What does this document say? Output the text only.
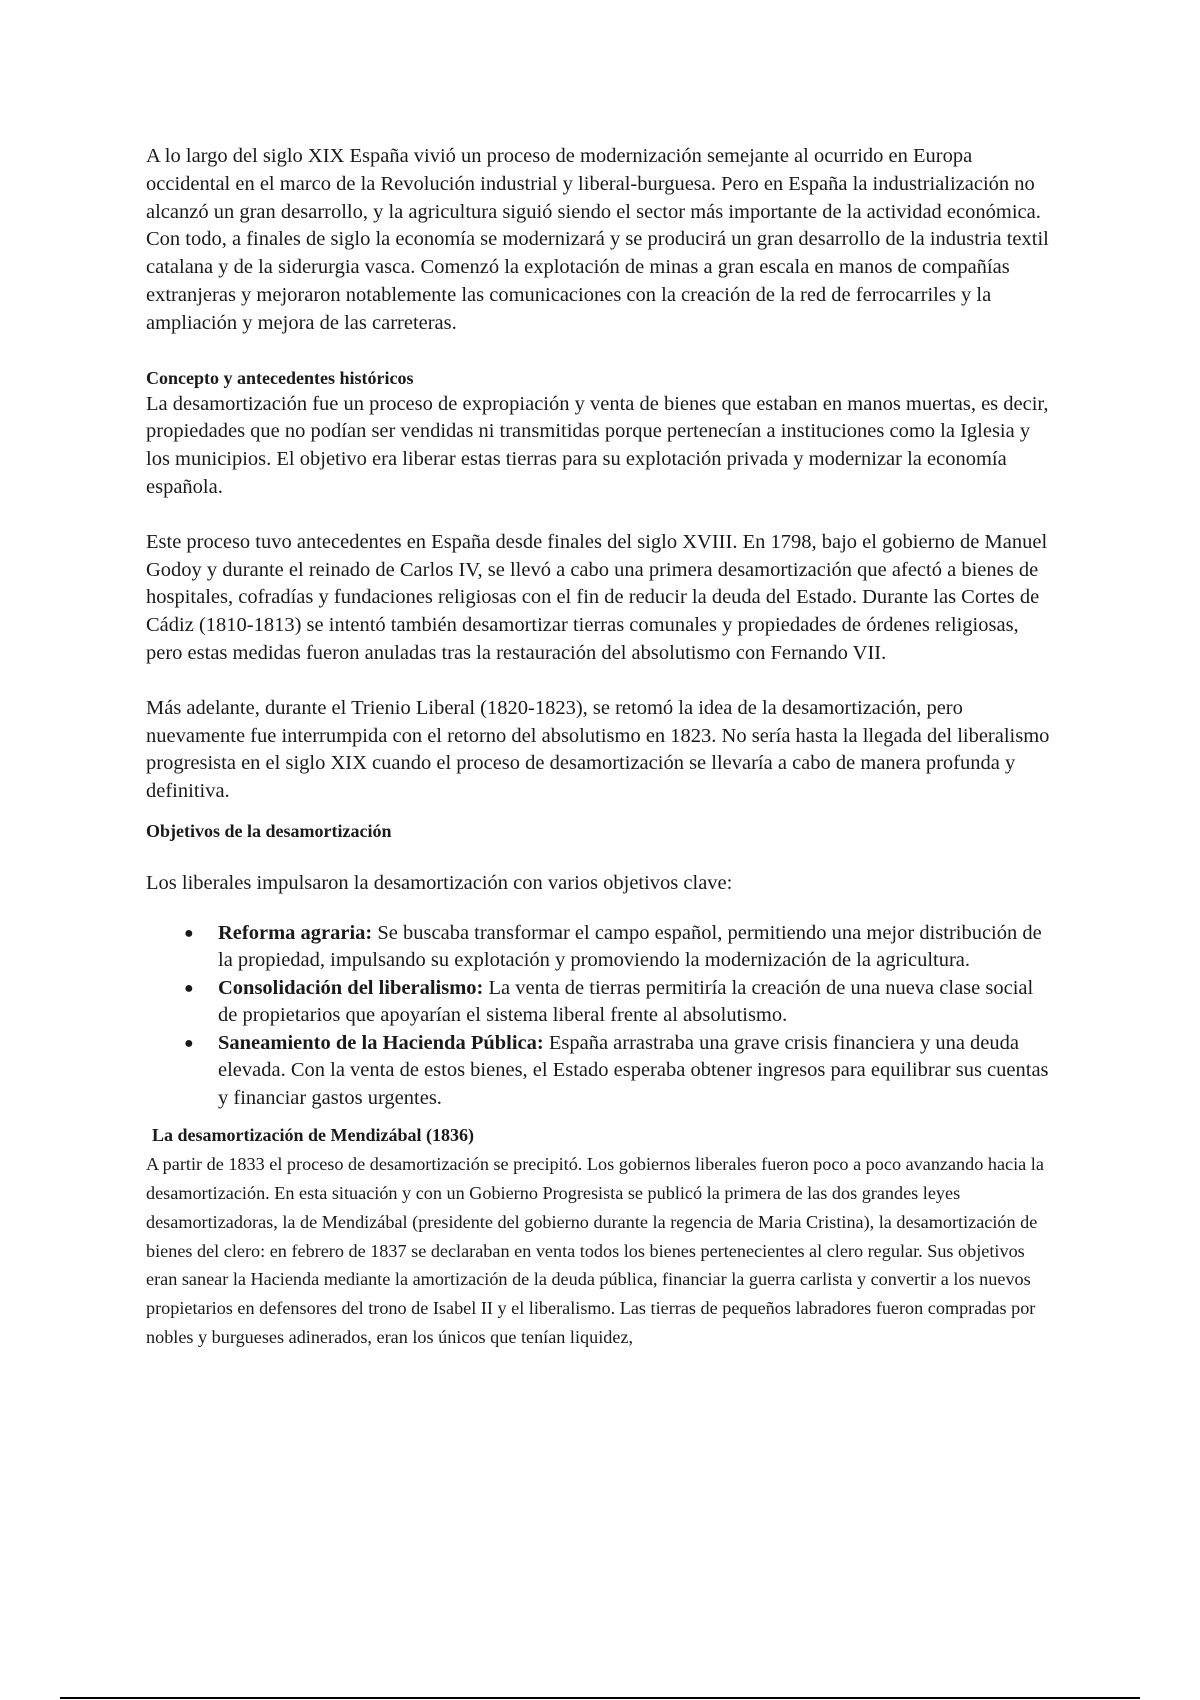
A lo largo del siglo XIX España vivió un proceso de modernización semejante al ocurrido en Europa occidental en el marco de la Revolución industrial y liberal-burguesa. Pero en España la industrialización no alcanzó un gran desarrollo, y la agricultura siguió siendo el sector más importante de la actividad económica. Con todo, a finales de siglo la economía se modernizará y se producirá un gran desarrollo de la industria textil catalana y de la siderurgia vasca. Comenzó la explotación de minas a gran escala en manos de compañías extranjeras y mejoraron notablemente las comunicaciones con la creación de la red de ferrocarriles y la ampliación y mejora de las carreteras.

Concepto y antecedentes históricos

La desamortización fue un proceso de expropiación y venta de bienes que estaban en manos muertas, es decir, propiedades que no podían ser vendidas ni transmitidas porque pertenecían a instituciones como la Iglesia y los municipios. El objetivo era liberar estas tierras para su explotación privada y modernizar la economía española.

Este proceso tuvo antecedentes en España desde finales del siglo XVIII. En 1798, bajo el gobierno de Manuel Godoy y durante el reinado de Carlos IV, se llevó a cabo una primera desamortización que afectó a bienes de hospitales, cofradías y fundaciones religiosas con el fin de reducir la deuda del Estado. Durante las Cortes de Cádiz (1810-1813) se intentó también desamortizar tierras comunales y propiedades de órdenes religiosas, pero estas medidas fueron anuladas tras la restauración del absolutismo con Fernando VII.

Más adelante, durante el Trienio Liberal (1820-1823), se retomó la idea de la desamortización, pero nuevamente fue interrumpida con el retorno del absolutismo en 1823. No sería hasta la llegada del liberalismo progresista en el siglo XIX cuando el proceso de desamortización se llevaría a cabo de manera profunda y definitiva.

Objetivos de la desamortización

Los liberales impulsaron la desamortización con varios objetivos clave:

● Reforma agraria: Se buscaba transformar el campo español, permitiendo una mejor distribución de la propiedad, impulsando su explotación y promoviendo la modernización de la agricultura.
● Consolidación del liberalismo: La venta de tierras permitiría la creación de una nueva clase social de propietarios que apoyarían el sistema liberal frente al absolutismo.
● Saneamiento de la Hacienda Pública: España arrastraba una grave crisis financiera y una deuda elevada. Con la venta de estos bienes, el Estado esperaba obtener ingresos para equilibrar sus cuentas y financiar gastos urgentes.

La desamortización de Mendizábal (1836)

A partir de 1833 el proceso de desamortización se precipitó. Los gobiernos liberales fueron poco a poco avanzando hacia la desamortización. En esta situación y con un Gobierno Progresista se publicó la primera de las dos grandes leyes desamortizadoras, la de Mendizábal (presidente del gobierno durante la regencia de Maria Cristina), la desamortización de bienes del clero: en febrero de 1837 se declaraban en venta todos los bienes pertenecientes al clero regular. Sus objetivos eran sanear la Hacienda mediante la amortización de la deuda pública, financiar la guerra carlista y convertir a los nuevos propietarios en defensores del trono de Isabel II y el liberalismo. Las tierras de pequeños labradores fueron compradas por nobles y burgueses adinerados, eran los únicos que tenían liquidez,
